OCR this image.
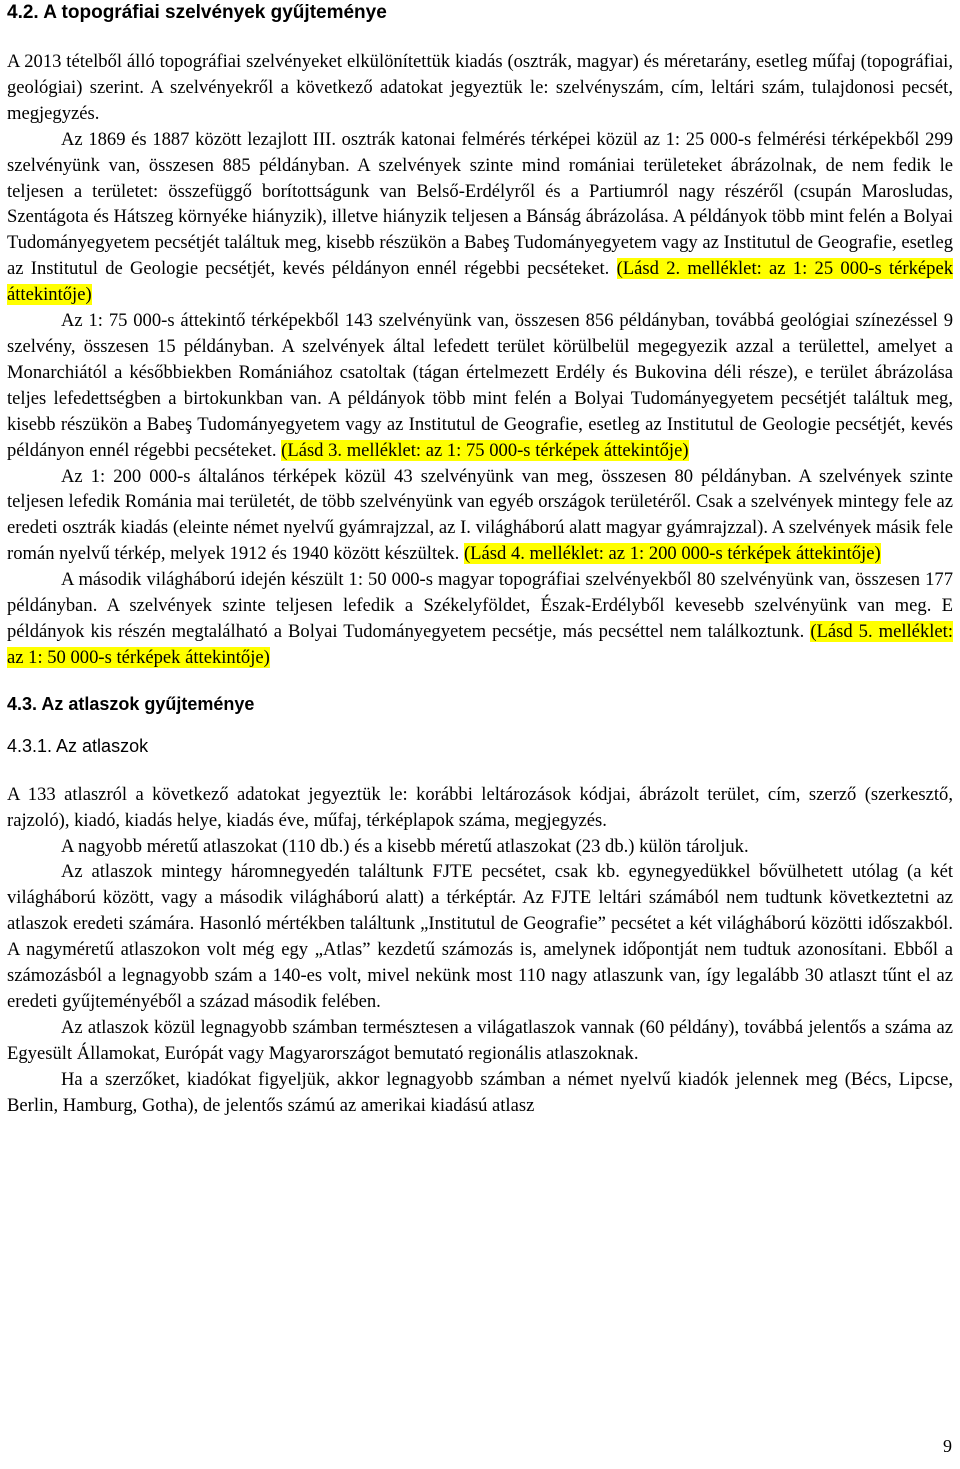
4.2. A topográfiai szelvények gyűjteménye

A 2013 tételből álló topográfiai szelvényeket elkülönítettük kiadás (osztrák, magyar) és méretarány, esetleg műfaj (topográfiai, geológiai) szerint. A szelvényekről a következő adatokat jegyeztük le: szelvényszám, cím, leltári szám, tulajdonosi pecsét, megjegyzés.

Az 1869 és 1887 között lezajlott III. osztrák katonai felmérés térképei közül az 1: 25 000-s felmérési térképekből 299 szelvényünk van, összesen 885 példányban. A szelvények szinte mind romániai területeket ábrázolnak, de nem fedik le teljesen a területet: összefüggő borítottságunk van Belső-Erdélyről és a Partiumról nagy részéről (csupán Marosludas, Szentágota és Hátszeg környéke hiányzik), illetve hiányzik teljesen a Bánság ábrázolása. A példányok több mint felén a Bolyai Tudományegyetem pecsétjét találtuk meg, kisebb részükön a Babeş Tudományegyetem vagy az Institutul de Geografie, esetleg az Institutul de Geologie pecsétjét, kevés példányon ennél régebbi pecséteket. (Lásd 2. melléklet: az 1: 25 000-s térképek áttekintője)

Az 1: 75 000-s áttekintő térképekből 143 szelvényünk van, összesen 856 példányban, továbbá geológiai színezéssel 9 szelvény, összesen 15 példányban. A szelvények által lefedett terület körülbelül megegyezik azzal a területtel, amelyet a Monarchiától a későbbiekben Romániához csatoltak (tágan értelmezett Erdély és Bukovina déli része), e terület ábrázolása teljes lefedettségben a birtokunkban van. A példányok több mint felén a Bolyai Tudományegyetem pecsétjét találtuk meg, kisebb részükön a Babeş Tudományegyetem vagy az Institutul de Geografie, esetleg az Institutul de Geologie pecsétjét, kevés példányon ennél régebbi pecséteket. (Lásd 3. melléklet: az 1: 75 000-s térképek áttekintője)

Az 1: 200 000-s általános térképek közül 43 szelvényünk van meg, összesen 80 példányban. A szelvények szinte teljesen lefedik Románia mai területét, de több szelvényünk van egyéb országok területéről. Csak a szelvények mintegy fele az eredeti osztrák kiadás (eleinte német nyelvű gyámrajzzal, az I. világháború alatt magyar gyámrajzzal). A szelvények másik fele román nyelvű térkép, melyek 1912 és 1940 között készültek. (Lásd 4. melléklet: az 1: 200 000-s térképek áttekintője)

A második világháború idején készült 1: 50 000-s magyar topográfiai szelvényekből 80 szelvényünk van, összesen 177 példányban. A szelvények szinte teljesen lefedik a Székelyföldet, Észak-Erdélyből kevesebb szelvényünk van meg. E példányok kis részén megtalálható a Bolyai Tudományegyetem pecsétje, más pecséttel nem találkoztunk. (Lásd 5. melléklet: az 1: 50 000-s térképek áttekintője)

4.3. Az atlaszok gyűjteménye
4.3.1. Az atlaszok

A 133 atlaszról a következő adatokat jegyeztük le: korábbi leltározások kódjai, ábrázolt terület, cím, szerző (szerkesztő, rajzoló), kiadó, kiadás helye, kiadás éve, műfaj, térképlapok száma, megjegyzés.

A nagyobb méretű atlaszokat (110 db.) és a kisebb méretű atlaszokat (23 db.) külön tároljuk.

Az atlaszok mintegy háromnegyedén találtunk FJTE pecsétet, csak kb. egynegyedükkel bővülhetett utólag (a két világháború között, vagy a második világháború alatt) a térképtár. Az FJTE leltári számából nem tudtunk következtetni az atlaszok eredeti számára. Hasonló mértékben találtunk „Institutul de Geografie” pecsétet a két világháború közötti időszakból. A nagyméretű atlaszokon volt még egy „Atlas” kezdetű számozás is, amelynek időpontját nem tudtuk azonosítani. Ebből a számozásból a legnagyobb szám a 140-es volt, mivel nekünk most 110 nagy atlaszunk van, így legalább 30 atlaszt tűnt el az eredeti gyűjteményéből a század második felében.

Az atlaszok közül legnagyobb számban természtesen a világatlaszok vannak (60 példány), továbbá jelentős a száma az Egyesült Államokat, Európát vagy Magyarországot bemutató regionális atlaszoknak.

Ha a szerzőket, kiadókat figyeljük, akkor legnagyobb számban a német nyelvű kiadók jelennek meg (Bécs, Lipcse, Berlin, Hamburg, Gotha), de jelentős számú az amerikai kiadású atlasz

9
